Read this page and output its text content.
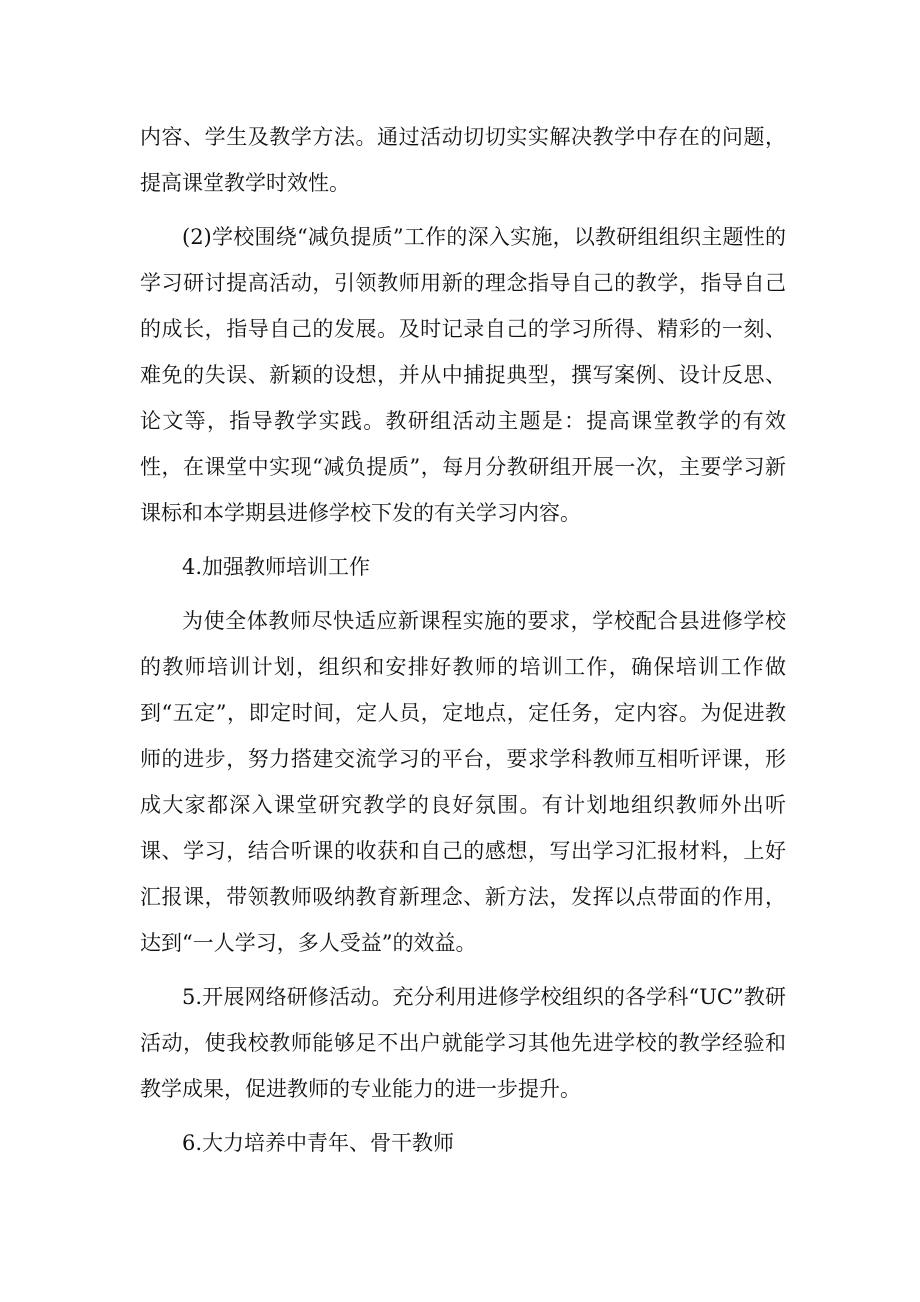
内容、学生及教学方法。通过活动切切实实解决教学中存在的问题，提高课堂教学时效性。

(2)学校围绕“减负提质”工作的深入实施，以教研组组织主题性的学习研讨提高活动，引领教师用新的理念指导自己的教学，指导自己的成长，指导自己的发展。及时记录自己的学习所得、精彩的一刻、难免的失误、新颖的设想，并从中捕捉典型，撰写案例、设计反思、论文等，指导教学实践。教研组活动主题是：提高课堂教学的有效性，在课堂中实现“减负提质”，每月分教研组开展一次，主要学习新课标和本学期县进修学校下发的有关学习内容。

4.加强教师培训工作

为使全体教师尽快适应新课程实施的要求，学校配合县进修学校的教师培训计划，组织和安排好教师的培训工作，确保培训工作做到“五定”，即定时间，定人员，定地点，定任务，定内容。为促进教师的进步，努力搭建交流学习的平台，要求学科教师互相听评课，形成大家都深入课堂研究教学的良好氛围。有计划地组织教师外出听课、学习，结合听课的收获和自己的感想，写出学习汇报材料，上好汇报课，带领教师吸纳教育新理念、新方法，发挥以点带面的作用，达到“一人学习，多人受益”的效益。

5.开展网络研修活动。充分利用进修学校组织的各学科“UC”教研活动，使我校教师能够足不出户就能学习其他先进学校的教学经验和教学成果，促进教师的专业能力的进一步提升。

6.大力培养中青年、骨干教师
